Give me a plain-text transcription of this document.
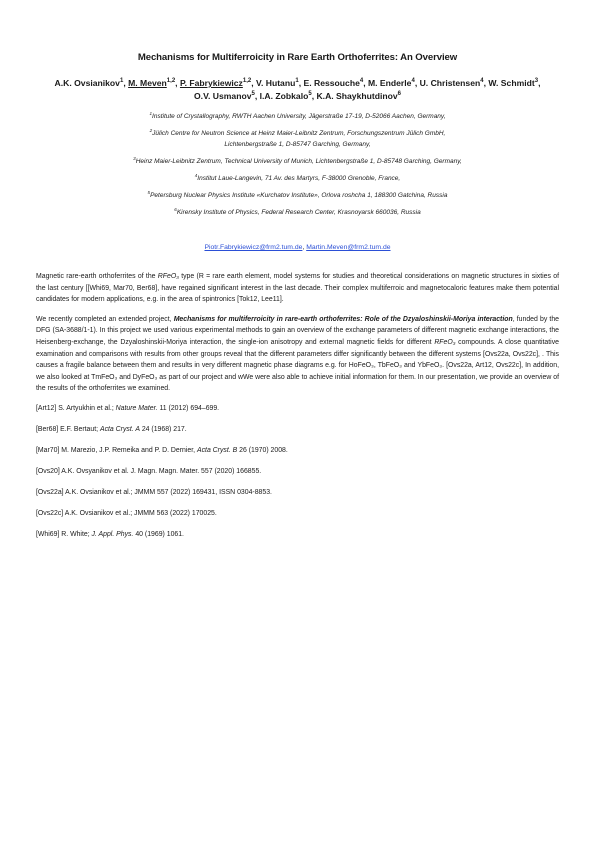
Mechanisms for Multiferroicity in Rare Earth Orthoferrites: An Overview
A.K. Ovsianikov$^1$, M. Meven$^{1,2}$, P. Fabrykiewicz$^{1,2}$, V. Hutanu$^1$, E. Ressouche$^4$, M. Enderle$^4$, U. Christensen$^4$, W. Schmidt$^3$, O.V. Usmanov$^5$, I.A. Zobkalo$^5$, K.A. Shaykhutdinov$^6$
$^1$Institute of Crystallography, RWTH Aachen University, Jägerstraße 17-19, D-52066 Aachen, Germany,
$^2$Jülich Centre for Neutron Science at Heinz Maier-Leibnitz Zentrum, Forschungszentrum Jülich GmbH,
Lichtenbergstraße 1, D-85747 Garching, Germany,
$^3$Heinz Maier-Leibnitz Zentrum, Technical University of Munich, Lichtenbergstraße 1, D-85748 Garching, Germany,
$^4$Institut Laue-Langevin, 71 Av. des Martyrs, F-38000 Grenoble, France,
$^5$Petersburg Nuclear Physics Institute «Kurchatov Institute», Orlova roshcha 1, 188300 Gatchina, Russia
$^6$Kirensky Institute of Physics, Federal Research Center, Krasnoyarsk 660036, Russia
Piotr.Fabrykiewicz@frm2.tum.de, Martin.Meven@frm2.tum.de

Magnetic rare-earth orthoferrites of the RFeO₃ type (R = rare earth element, model systems for studies and theoretical considerations on magnetic structures in sixties of the last century [[Whi69, Mar70, Ber68], have regained significant interest in the last decade. Their complex multiferroic and magnetocaloric features make them potential candidates for modern applications, e.g. in the area of spintronics [Tok12, Lee11].

We recently completed an extended project, Mechanisms for multiferroicity in rare-earth orthoferrites: Role of the Dzyaloshinskii-Moriya interaction, funded by the DFG (SA-3688/1-1). In this project we used various experimental methods to gain an overview of the exchange parameters of different magnetic exchange interactions, the Heisenberg-exchange, the Dzyaloshinskii-Moriya interaction, the single-ion anisotropy and external magnetic fields for different RFeO₃ compounds. A close quantitative examination and comparisons with results from other groups reveal that the different parameters differ significantly between the different systems [Ovs22a, Ovs22c], . This causes a fragile balance between them and results in very different magnetic phase diagrams e.g. for HoFeO₃, TbFeO₃ and YbFeO₃. [Ovs22a, Art12, Ovs22c], In addition, we also looked at TmFeO₃ and DyFeO₃ as part of our project and wWe were also able to achieve initial information for them. In our presentation, we provide an overview of the results of the orthoferrites we examined.

[Art12] S. Artyukhin et al.; Nature Mater. 11 (2012) 694–699.
[Ber68] E.F. Bertaut; Acta Cryst. A 24 (1968) 217.
[Mar70] M. Marezio, J.P. Remeika and P. D. Dernier, Acta Cryst. B 26 (1970) 2008.
[Ovs20] A.K. Ovsyanikov et al. J. Magn. Magn. Mater. 557 (2020) 166855.
[Ovs22a] A.K. Ovsianikov et al.; JMMM 557 (2022) 169431, ISSN 0304-8853.
[Ovs22c] A.K. Ovsianikov et al.; JMMM 563 (2022) 170025.
[Whi69] R. White; J. Appl. Phys. 40 (1969) 1061.
